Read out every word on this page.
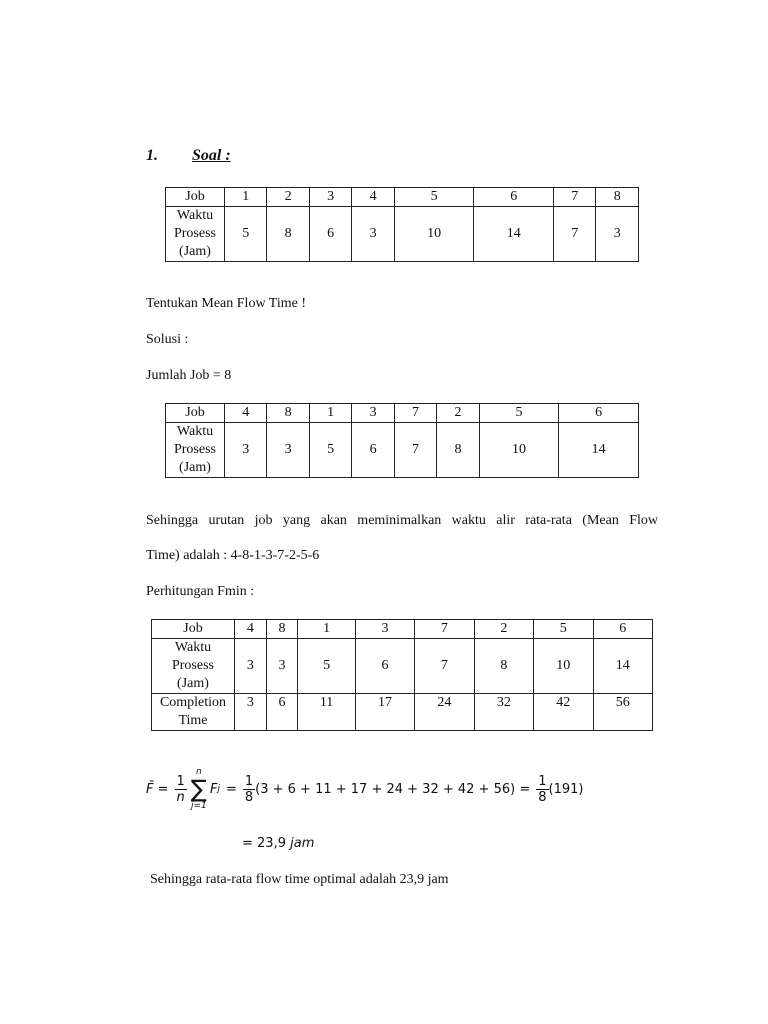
1. Soal :
Job	1	2	3	4	5	6	7	8
Waktu
Prosess
(Jam)	5	8	6	3	10	14	7	3
Tentukan Mean Flow Time !
Solusi :
Jumlah Job = 8
Job	4	8	1	3	7	2	5	6
Waktu
Prosess
(Jam)	3	3	5	6	7	8	10	14
Sehingga urutan job yang akan meminimalkan waktu alir rata-rata (Mean Flow
Time) adalah : 4-8-1-3-7-2-5-6
Perhitungan Fmin :
Job	4	8	1	3	7	2	5	6
Waktu
Prosess
(Jam)	3	3	5	6	7	8	10	14
Completion
Time	3	6	11	17	24	32	42	56
F̄ = $\frac{1}{n}$
n
∑
j=1
F $j = \frac{1}{8} (3 + 6 + 11 + 17 + 24 + 32 + 42 + 56) = \frac{1}{8} (191)$
= 23,9 jam
Sehingga rata-rata flow time optimal adalah 23,9 jam
